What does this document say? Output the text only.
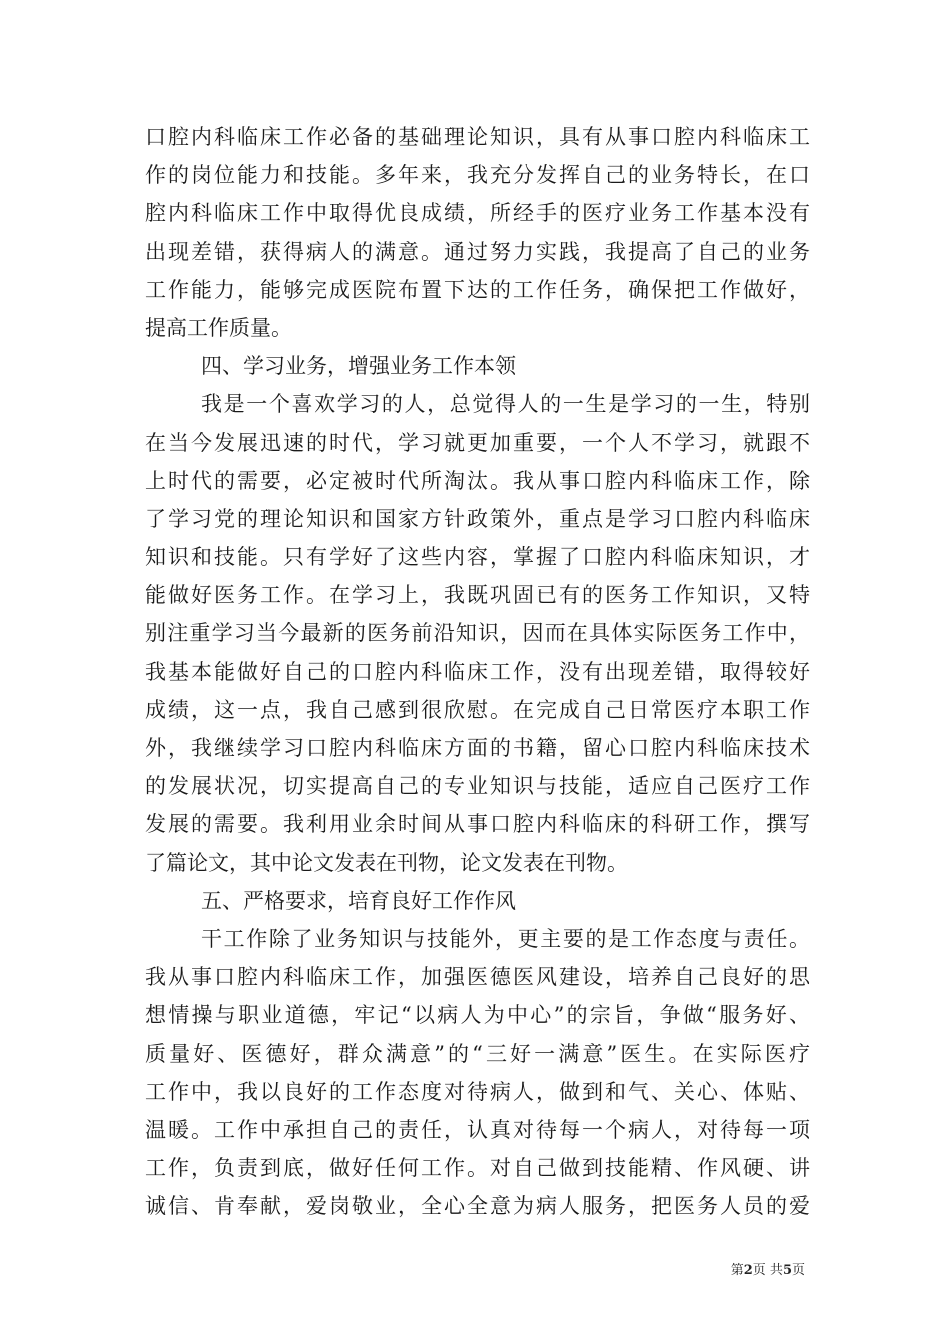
口腔内科临床工作必备的基础理论知识，具有从事口腔内科临床工
作的岗位能力和技能。多年来，我充分发挥自己的业务特长，在口
腔内科临床工作中取得优良成绩，所经手的医疗业务工作基本没有
出现差错，获得病人的满意。通过努力实践，我提高了自己的业务
工作能力，能够完成医院布置下达的工作任务，确保把工作做好，
提高工作质量。
四、学习业务，增强业务工作本领
我是一个喜欢学习的人，总觉得人的一生是学习的一生，特别
在当今发展迅速的时代，学习就更加重要，一个人不学习，就跟不
上时代的需要，必定被时代所淘汰。我从事口腔内科临床工作，除
了学习党的理论知识和国家方针政策外，重点是学习口腔内科临床
知识和技能。只有学好了这些内容，掌握了口腔内科临床知识，才
能做好医务工作。在学习上，我既巩固已有的医务工作知识，又特
别注重学习当今最新的医务前沿知识，因而在具体实际医务工作中，
我基本能做好自己的口腔内科临床工作，没有出现差错，取得较好
成绩，这一点，我自己感到很欣慰。在完成自己日常医疗本职工作
外，我继续学习口腔内科临床方面的书籍，留心口腔内科临床技术
的发展状况，切实提高自己的专业知识与技能，适应自己医疗工作
发展的需要。我利用业余时间从事口腔内科临床的科研工作，撰写
了篇论文，其中论文发表在刊物，论文发表在刊物。
五、严格要求，培育良好工作作风
干工作除了业务知识与技能外，更主要的是工作态度与责任。
我从事口腔内科临床工作，加强医德医风建设，培养自己良好的思
想情操与职业道德，牢记“以病人为中心”的宗旨，争做“服务好、
质量好、医德好，群众满意”的“三好一满意”医生。在实际医疗
工作中，我以良好的工作态度对待病人，做到和气、关心、体贴、
温暖。工作中承担自己的责任，认真对待每一个病人，对待每一项
工作，负责到底，做好任何工作。对自己做到技能精、作风硬、讲
诚信、肯奉献，爱岗敬业，全心全意为病人服务，把医务人员的爱
第2页 共5页
